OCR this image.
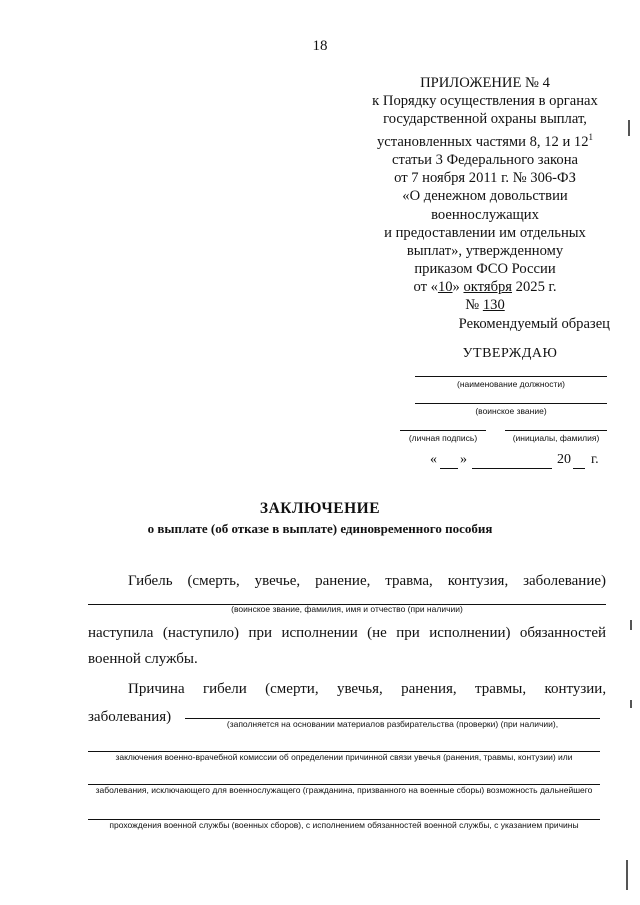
18
ПРИЛОЖЕНИЕ № 4
к Порядку осуществления в органах
государственной охраны выплат,
установленных частями 8, 12 и $12^1$
статьи 3 Федерального закона
от 7 ноября 2011 г. № 306-ФЗ
«О денежном довольствии
военнослужащих
и предоставлении им отдельных
выплат», утвержденному
приказом ФСО России
от «10» октября 2025 г.
№ 130
Рекомендуемый образец
УТВЕРЖДАЮ
(наименование должности)
(воинское звание)
(личная подпись)	(инициалы, фамилия)
« »	20 г.
ЗАКЛЮЧЕНИЕ
о выплате (об отказе в выплате) единовременного пособия
Гибель (смерть, увечье, ранение, травма, контузия, заболевание)
(воинское звание, фамилия, имя и отчество (при наличии)
наступила (наступило) при исполнении (не при исполнении) обязанностей
военной службы.
Причина гибели (смерти, увечья, ранения, травмы, контузии,
заболевания)	(заполняется на основании материалов разбирательства (проверки) (при наличии),
заключения военно-врачебной комиссии об определении причинной связи увечья (ранения, травмы, контузии) или
заболевания, исключающего для военнослужащего (гражданина, призванного на военные сборы) возможность дальнейшего
прохождения военной службы (военных сборов), с исполнением обязанностей военной службы, с указанием причины
